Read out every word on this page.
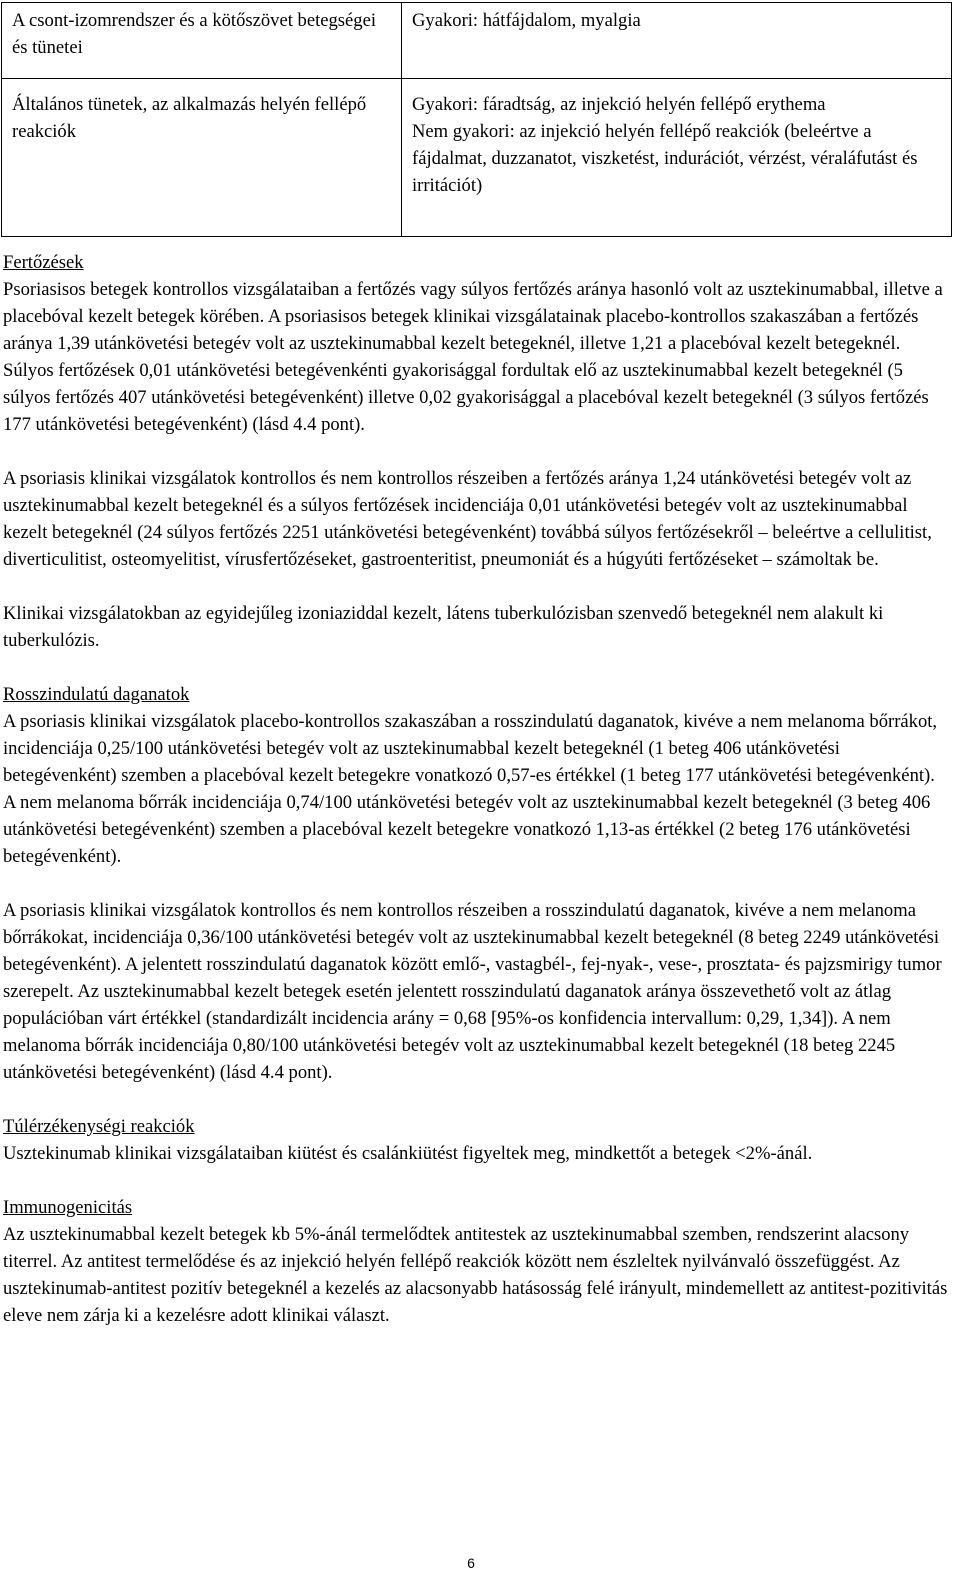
A csont-izomrendszer és a kötőszövet betegségei és tünetei	Gyakori: hátfájdalom, myalgia
Általános tünetek, az alkalmazás helyén fellépő reakciók	Gyakori: fáradtság, az injekció helyén fellépő erythema
Nem gyakori: az injekció helyén fellépő reakciók (beleértve a fájdalmat, duzzanatot, viszketést, indurációt, vérzést, véraláfutást és irritációt)

Fertőzések

Psoriasisos betegek kontrollos vizsgálataiban a fertőzés vagy súlyos fertőzés aránya hasonló volt az usztekinumabbal, illetve a placebóval kezelt betegek körében. A psoriasisos betegek klinikai vizsgálatainak placebo-kontrollos szakaszában a fertőzés aránya 1,39 utánkövetési betegév volt az usztekinumabbal kezelt betegeknél, illetve 1,21 a placebóval kezelt betegeknél. Súlyos fertőzések 0,01 utánkövetési betegévenkénti gyakorisággal fordultak elő az usztekinumabbal kezelt betegeknél (5 súlyos fertőzés 407 utánkövetési betegévenként) illetve 0,02 gyakorisággal a placebóval kezelt betegeknél (3 súlyos fertőzés 177 utánkövetési betegévenként) (lásd 4.4 pont).

A psoriasis klinikai vizsgálatok kontrollos és nem kontrollos részeiben a fertőzés aránya 1,24 utánkövetési betegév volt az usztekinumabbal kezelt betegeknél és a súlyos fertőzések incidenciája 0,01 utánkövetési betegév volt az usztekinumabbal kezelt betegeknél (24 súlyos fertőzés 2251 utánkövetési betegévenként) továbbá súlyos fertőzésekről – beleértve a cellulitist, diverticulitist, osteomyelitist, vírusfertőzéseket, gastroenteritist, pneumoniát és a húgyúti fertőzéseket – számoltak be.

Klinikai vizsgálatokban az egyidejűleg izoniaziddal kezelt, látens tuberkulózisban szenvedő betegeknél nem alakult ki tuberkulózis.

Rosszindulatú daganatok

A psoriasis klinikai vizsgálatok placebo-kontrollos szakaszában a rosszindulatú daganatok, kivéve a nem melanoma bőrrákot, incidenciája 0,25/100 utánkövetési betegév volt az usztekinumabbal kezelt betegeknél (1 beteg 406 utánkövetési betegévenként) szemben a placebóval kezelt betegekre vonatkozó 0,57-es értékkel (1 beteg 177 utánkövetési betegévenként). A nem melanoma bőrrák incidenciája 0,74/100 utánkövetési betegév volt az usztekinumabbal kezelt betegeknél (3 beteg 406 utánkövetési betegévenként) szemben a placebóval kezelt betegekre vonatkozó 1,13-as értékkel (2 beteg 176 utánkövetési betegévenként).

A psoriasis klinikai vizsgálatok kontrollos és nem kontrollos részeiben a rosszindulatú daganatok, kivéve a nem melanoma bőrrákokat, incidenciája 0,36/100 utánkövetési betegév volt az usztekinumabbal kezelt betegeknél (8 beteg 2249 utánkövetési betegévenként). A jelentett rosszindulatú daganatok között emlő-, vastagbél-, fej-nyak-, vese-, prosztata- és pajzsmirigy tumor szerepelt. Az usztekinumabbal kezelt betegek esetén jelentett rosszindulatú daganatok aránya összevethető volt az átlag populációban várt értékkel (standardizált incidencia arány = 0,68 [95%-os konfidencia intervallum: 0,29, 1,34]). A nem melanoma bőrrák incidenciája 0,80/100 utánkövetési betegév volt az usztekinumabbal kezelt betegeknél (18 beteg 2245 utánkövetési betegévenként) (lásd 4.4 pont).

Túlérzékenységi reakciók

Usztekinumab klinikai vizsgálataiban kiütést és csalánkiütést figyeltek meg, mindkettőt a betegek <2%-ánál.

Immunogenicitás

Az usztekinumabbal kezelt betegek kb 5%-ánál termelődtek antitestek az usztekinumabbal szemben, rendszerint alacsony titerrel. Az antitest termelődése és az injekció helyén fellépő reakciók között nem észleltek nyilvánvaló összefüggést. Az usztekinumab-antitest pozitív betegeknél a kezelés az alacsonyabb hatásosság felé irányult, mindemellett az antitest-pozitivitás eleve nem zárja ki a kezelésre adott klinikai választ.

6
